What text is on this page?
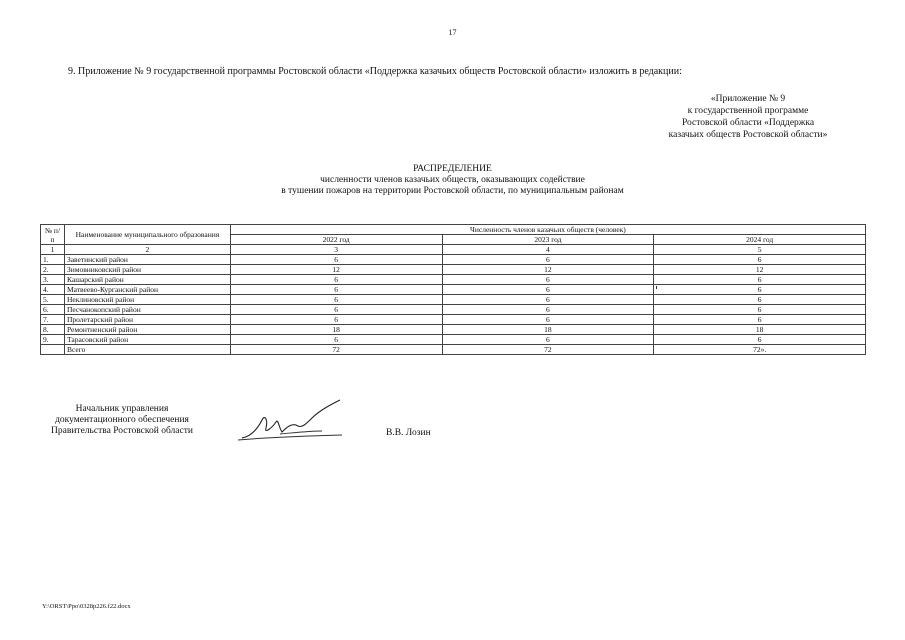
17
9. Приложение № 9 государственной программы Ростовской области «Поддержка казачьих обществ Ростовской области» изложить в редакции:
«Приложение № 9
к государственной программе
Ростовской области «Поддержка
казачьих обществ Ростовской области»
РАСПРЕДЕЛЕНИЕ
численности членов казачьих обществ, оказывающих содействие
в тушении пожаров на территории Ростовской области, по муниципальным районам
№ п/п	Наименование муниципального образования	Численность членов казачьих обществ (человек)		
		2022 год	2023 год	2024 год
1	2	3	4	5
1.	Заветинский район	6	6	6
2.	Зимовниковский район	12	12	12
3.	Кашарский район	6	6	6
4.	Матвеево-Курганский район	6	6	6
5.	Неклиновский район	6	6	6
6.	Песчанокопский район	6	6	6
7.	Пролетарский район	6	6	6
8.	Ремонтненский район	18	18	18
9.	Тарасовский район	6	6	6
	Всего	72	72	72».
Начальник управления
документационного обеспечения
Правительства Ростовской области	В.В. Лозин
Y:\ORST\Ppo\0328p226.f22.docx
